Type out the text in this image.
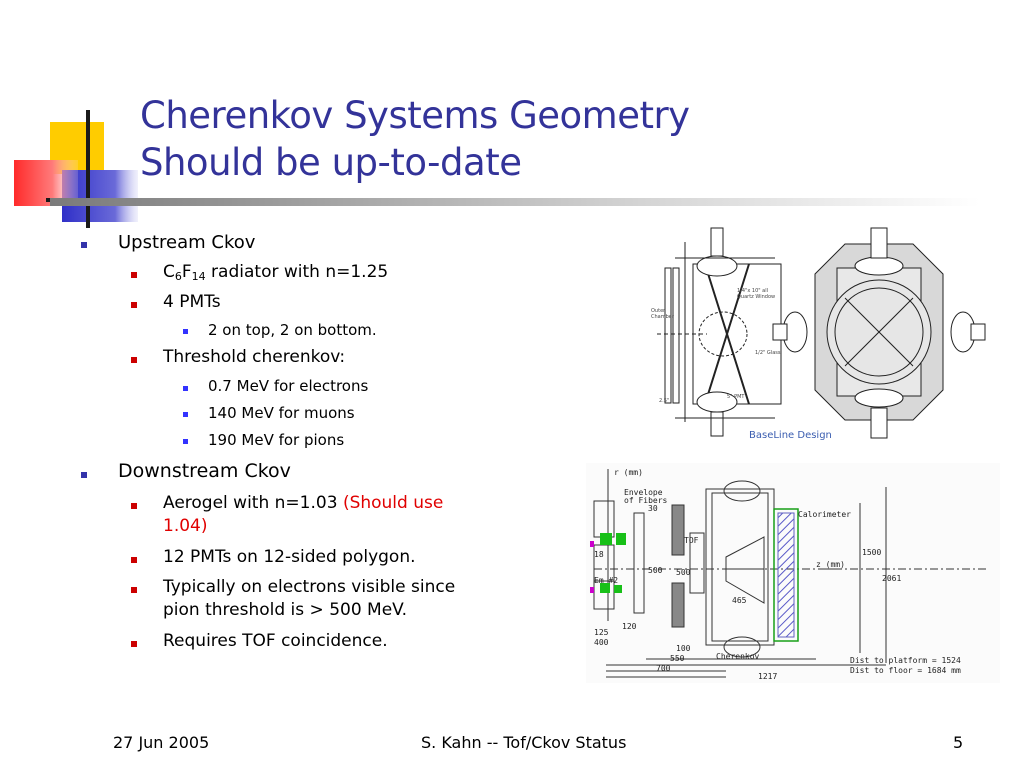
Cherenkov Systems Geometry
Should be up-to-date
Upstream Ckov
$C_6F_{14}$ radiator with n=1.25
4 PMTs
2 on top, 2 on bottom.
Threshold cherenkov:
0.7 MeV for electrons
140 MeV for muons
190 MeV for pions
Downstream Ckov
Aerogel with n=1.03 (Should use
1.04)
12 PMTs on 12-sided polygon.
Typically on electrons visible since
pion threshold is > 500 MeV.
Requires TOF coincidence.
1/4"x 10" all
Quartz Window
Outer
Chamber
1/2" Glass
5" PMT
2.5"
BaseLine Design
r (mm)
Envelope
of Fibers
30
TOF
Calorimeter
z (mm)
500 500
465
1500
2061
120
125
400
100
550
700
1217
Cherenkov
Em #2
18
Dist to platform = 1524
Dist to floor = 1684 mm
27 Jun 2005	S. Kahn -- Tof/Ckov Status	5
